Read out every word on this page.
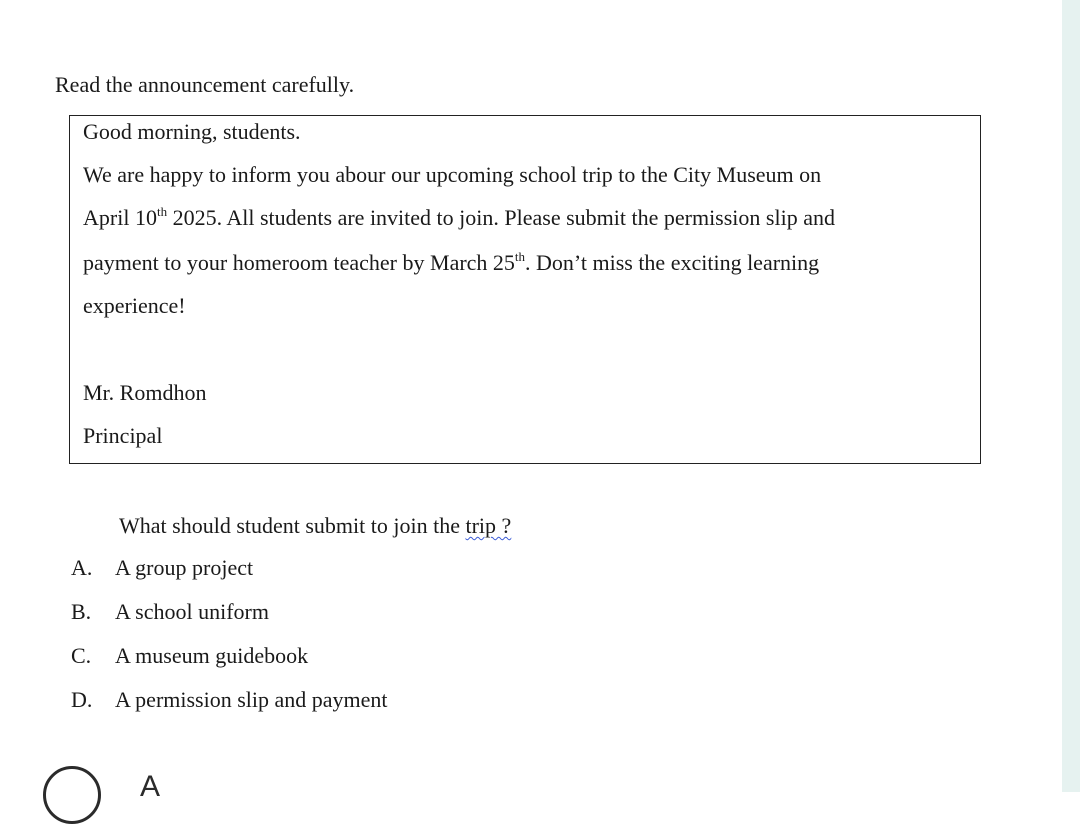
Read the announcement carefully.
Good morning, students.
We are happy to inform you abour our upcoming school trip to the City Museum on
April 10th 2025. All students are invited to join. Please submit the permission slip and
payment to your homeroom teacher by March 25th. Don’t miss the exciting learning
experience!
Mr. Romdhon
Principal
What should student submit to join the trip ?
A. A group project
B. A school uniform
C. A museum guidebook
D. A permission slip and payment
A
